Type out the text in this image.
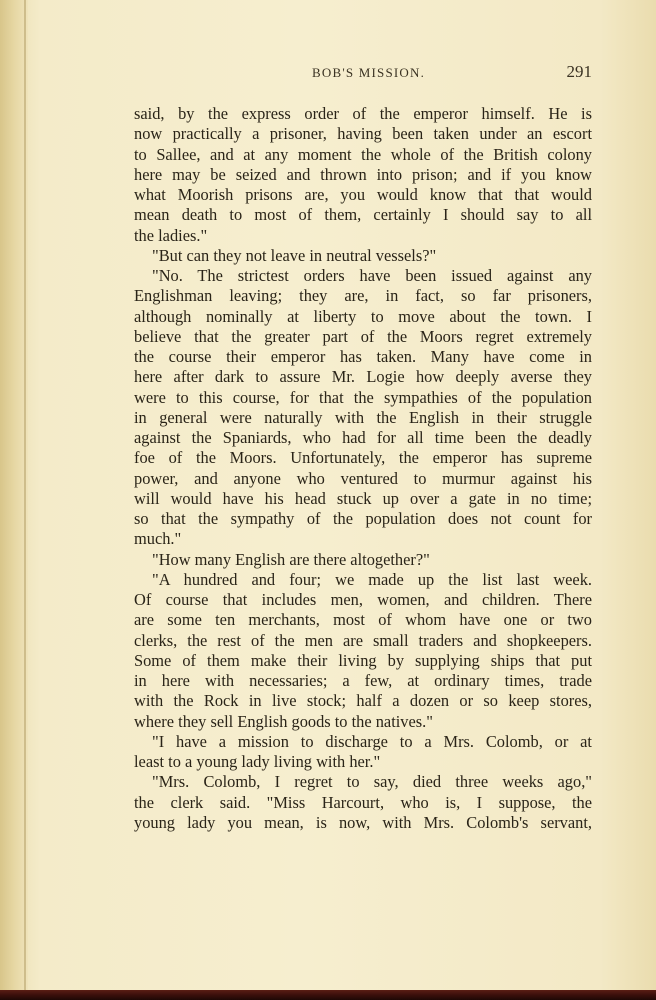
BOB'S MISSION.	291
said, by the express order of the emperor himself. He is
now practically a prisoner, having been taken under an escort
to Sallee, and at any moment the whole of the British colony
here may be seized and thrown into prison; and if you know
what Moorish prisons are, you would know that that would
mean death to most of them, certainly I should say to all
the ladies."
"But can they not leave in neutral vessels?"
"No. The strictest orders have been issued against any
Englishman leaving; they are, in fact, so far prisoners,
although nominally at liberty to move about the town. I
believe that the greater part of the Moors regret extremely
the course their emperor has taken. Many have come in
here after dark to assure Mr. Logie how deeply averse they
were to this course, for that the sympathies of the population
in general were naturally with the English in their struggle
against the Spaniards, who had for all time been the deadly
foe of the Moors. Unfortunately, the emperor has supreme
power, and anyone who ventured to murmur against his
will would have his head stuck up over a gate in no time;
so that the sympathy of the population does not count for
much."
"How many English are there altogether?"
"A hundred and four; we made up the list last week.
Of course that includes men, women, and children. There
are some ten merchants, most of whom have one or two
clerks, the rest of the men are small traders and shopkeepers.
Some of them make their living by supplying ships that put
in here with necessaries; a few, at ordinary times, trade
with the Rock in live stock; half a dozen or so keep stores,
where they sell English goods to the natives."
"I have a mission to discharge to a Mrs. Colomb, or at
least to a young lady living with her."
"Mrs. Colomb, I regret to say, died three weeks ago,"
the clerk said. "Miss Harcourt, who is, I suppose, the
young lady you mean, is now, with Mrs. Colomb's servant,
